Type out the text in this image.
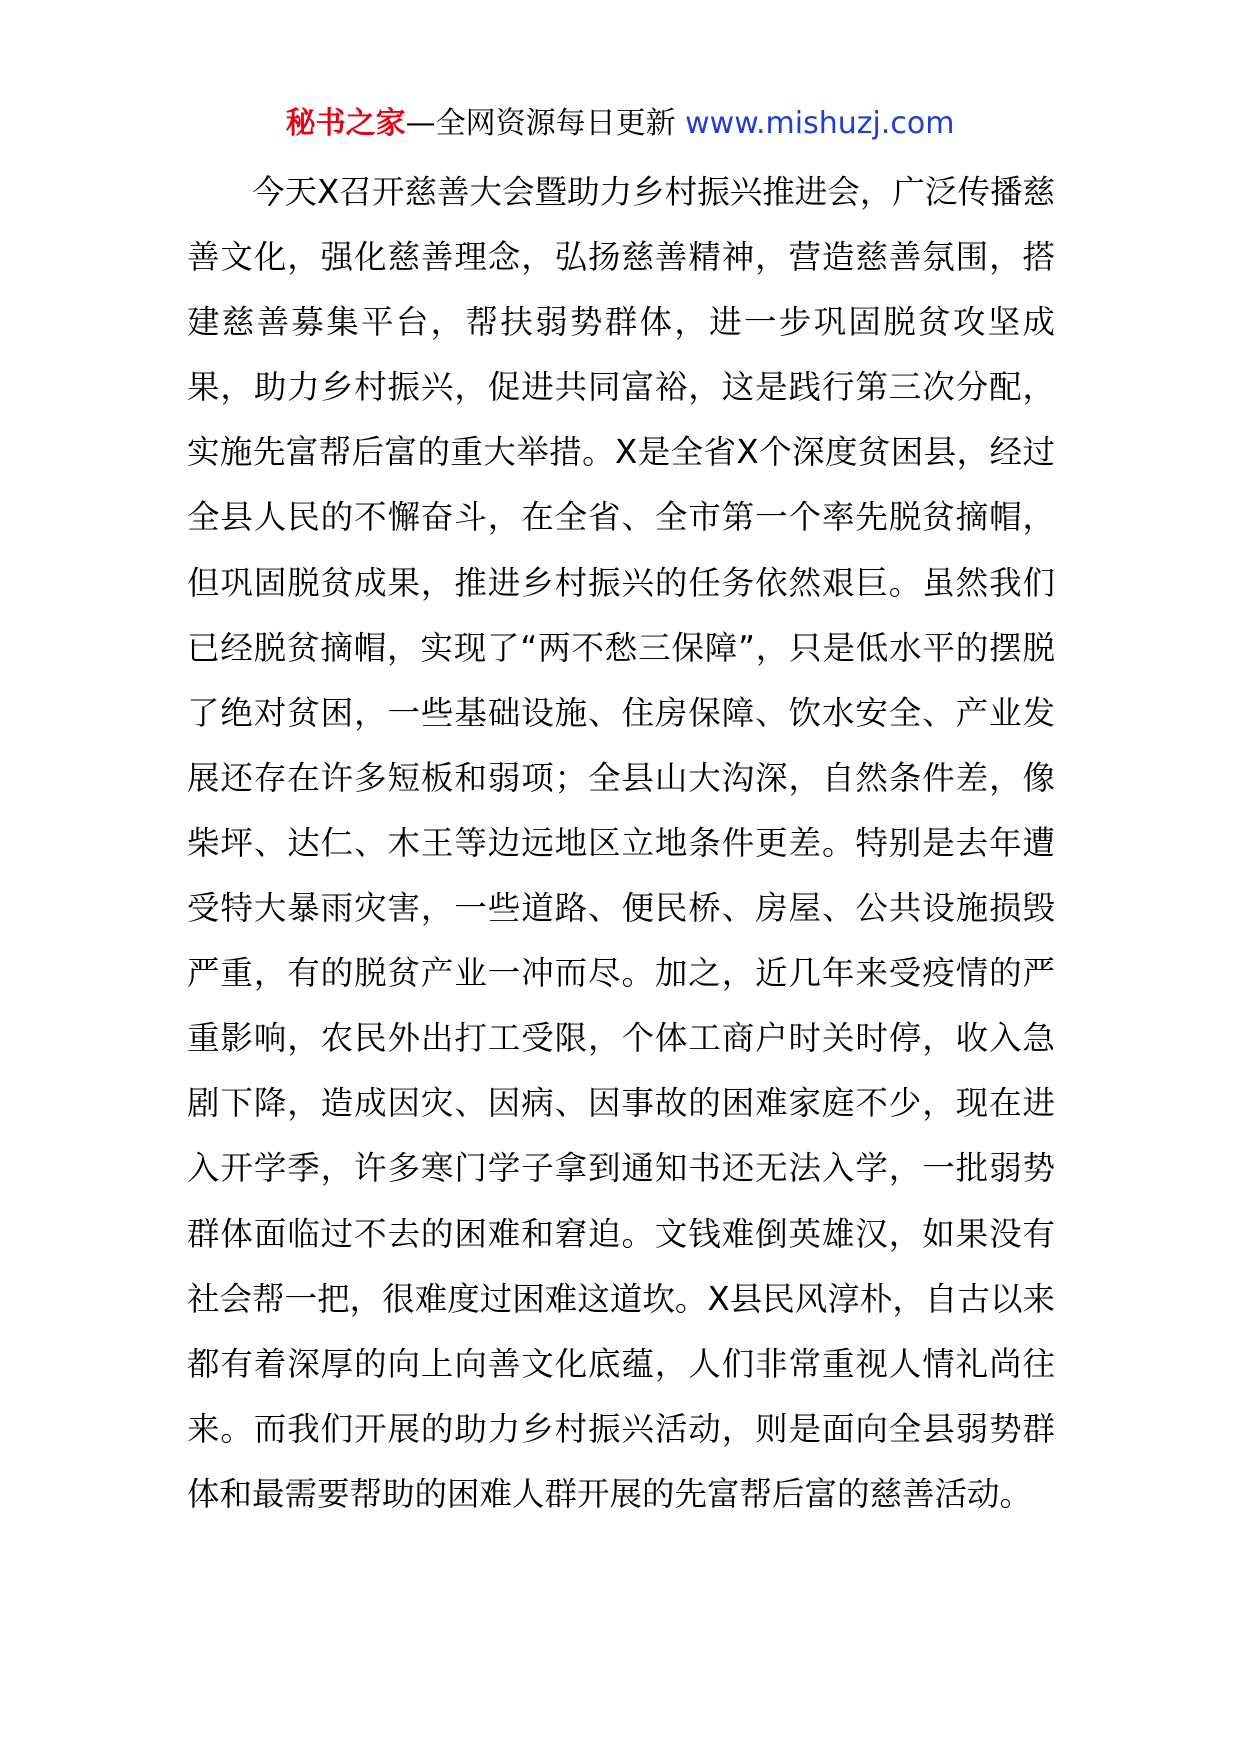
秘书之家—全网资源每日更新 www.mishuzj.com

今天X召开慈善大会暨助力乡村振兴推进会，广泛传播慈善文化，强化慈善理念，弘扬慈善精神，营造慈善氛围，搭建慈善募集平台，帮扶弱势群体，进一步巩固脱贫攻坚成果，助力乡村振兴，促进共同富裕，这是践行第三次分配，实施先富帮后富的重大举措。X是全省X个深度贫困县，经过全县人民的不懈奋斗，在全省、全市第一个率先脱贫摘帽，但巩固脱贫成果，推进乡村振兴的任务依然艰巨。虽然我们已经脱贫摘帽，实现了“两不愁三保障”，只是低水平的摆脱了绝对贫困，一些基础设施、住房保障、饮水安全、产业发展还存在许多短板和弱项；全县山大沟深，自然条件差，像柴坪、达仁、木王等边远地区立地条件更差。特别是去年遭受特大暴雨灾害，一些道路、便民桥、房屋、公共设施损毁严重，有的脱贫产业一冲而尽。加之，近几年来受疫情的严重影响，农民外出打工受限，个体工商户时关时停，收入急剧下降，造成因灾、因病、因事故的困难家庭不少，现在进入开学季，许多寒门学子拿到通知书还无法入学，一批弱势群体面临过不去的困难和窘迫。文钱难倒英雄汉，如果没有社会帮一把，很难度过困难这道坎。X县民风淳朴，自古以来都有着深厚的向上向善文化底蕴，人们非常重视人情礼尚往来。而我们开展的助力乡村振兴活动，则是面向全县弱势群体和最需要帮助的困难人群开展的先富帮后富的慈善活动。
